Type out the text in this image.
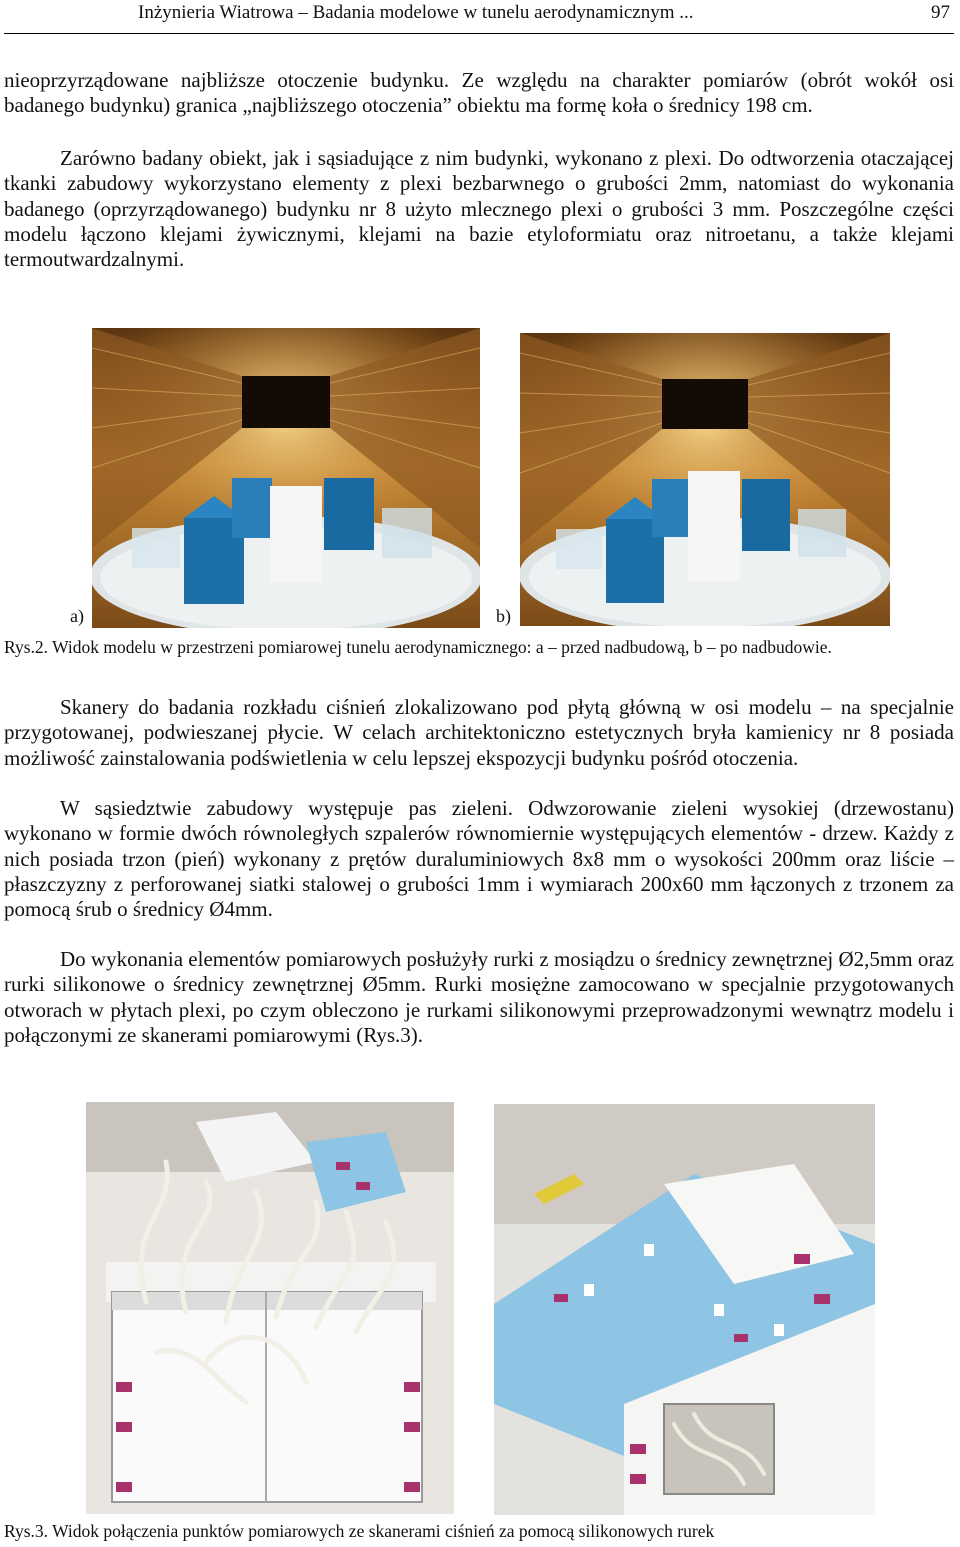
Inżynieria Wiatrowa – Badania modelowe w tunelu aerodynamicznym ...	97

nieoprzyrządowane najbliższe otoczenie budynku. Ze względu na charakter pomiarów (obrót wokół osi badanego budynku) granica „najbliższego otoczenia” obiektu ma formę koła o średnicy 198 cm.

Zarówno badany obiekt, jak i sąsiadujące z nim budynki, wykonano z plexi. Do odtworzenia otaczającej tkanki zabudowy wykorzystano elementy z plexi bezbarwnego o grubości 2mm, natomiast do wykonania badanego (oprzyrządowanego) budynku nr 8 użyto mlecznego plexi o grubości 3 mm. Poszczególne części modelu łączono klejami żywicznymi, klejami na bazie etyloformiatu oraz nitroetanu, a także klejami termoutwardzalnymi.

a)	b)

Rys.2. Widok modelu w przestrzeni pomiarowej tunelu aerodynamicznego: a – przed nadbudową, b – po nadbudowie.

Skanery do badania rozkładu ciśnień zlokalizowano pod płytą główną w osi modelu – na specjalnie przygotowanej, podwieszanej płycie. W celach architektoniczno estetycznych bryła kamienicy nr 8 posiada możliwość zainstalowania podświetlenia w celu lepszej ekspozycji budynku pośród otoczenia.

W sąsiedztwie zabudowy występuje pas zieleni. Odwzorowanie zieleni wysokiej (drzewostanu) wykonano w formie dwóch równoległych szpalerów równomiernie występujących elementów - drzew. Każdy z nich posiada trzon (pień) wykonany z prętów duraluminiowych 8x8 mm o wysokości 200mm oraz liście – płaszczyzny z perforowanej siatki stalowej o grubości 1mm i wymiarach 200x60 mm łączonych z trzonem za pomocą śrub o średnicy Ø4mm.

Do wykonania elementów pomiarowych posłużyły rurki z mosiądzu o średnicy zewnętrznej Ø2,5mm oraz rurki silikonowe o średnicy zewnętrznej Ø5mm. Rurki mosiężne zamocowano w specjalnie przygotowanych otworach w płytach plexi, po czym obleczono je rurkami silikonowymi przeprowadzonymi wewnątrz modelu i połączonymi ze skanerami pomiarowymi (Rys.3).

Rys.3. Widok połączenia punktów pomiarowych ze skanerami ciśnień za pomocą silikonowych rurek
